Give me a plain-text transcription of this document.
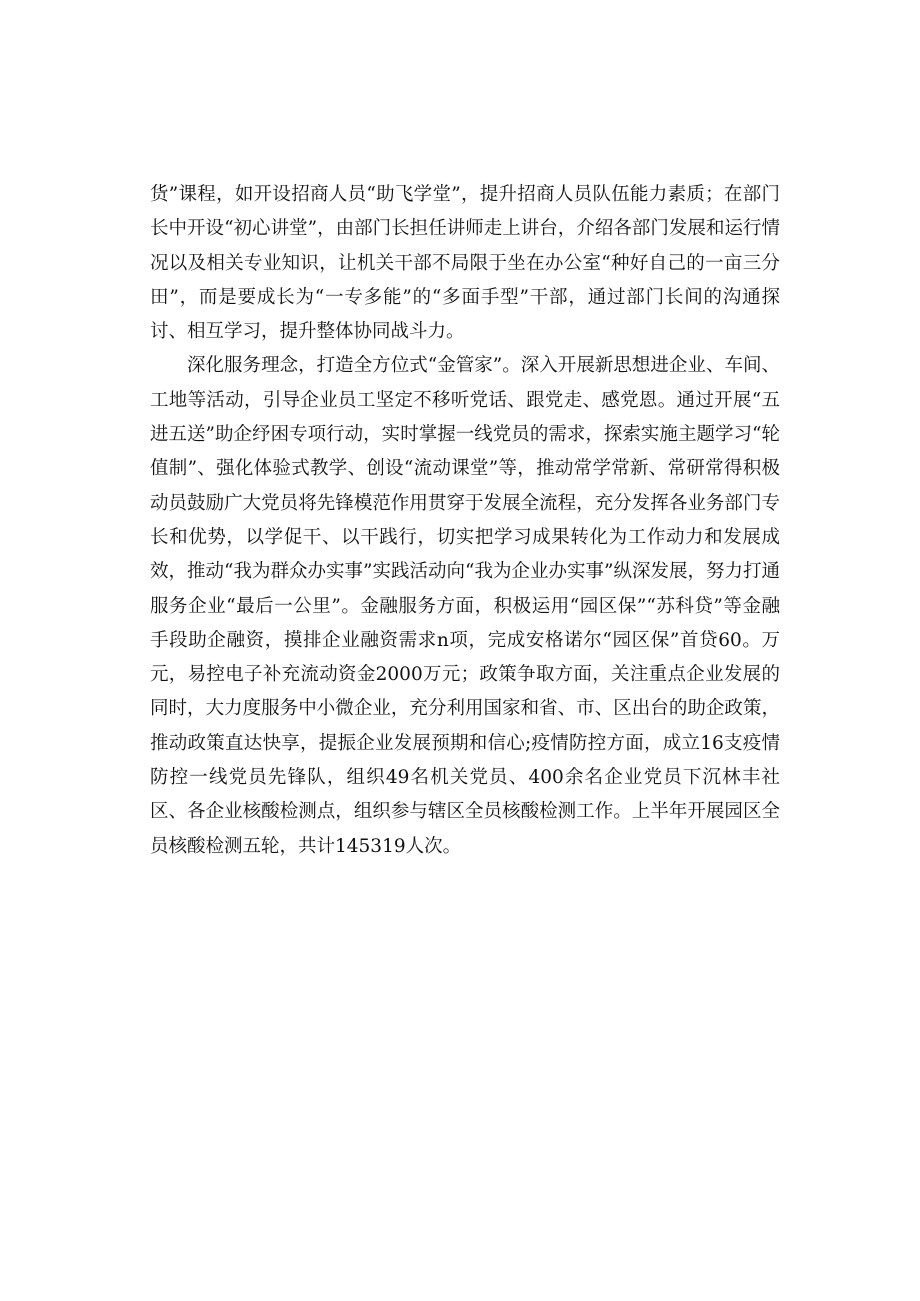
货”课程，如开设招商人员“助飞学堂”，提升招商人员队伍能力素质；在部门长中开设“初心讲堂”，由部门长担任讲师走上讲台，介绍各部门发展和运行情况以及相关专业知识，让机关干部不局限于坐在办公室“种好自己的一亩三分田”，而是要成长为“一专多能”的“多面手型”干部，通过部门长间的沟通探讨、相互学习，提升整体协同战斗力。

深化服务理念，打造全方位式“金管家”。深入开展新思想进企业、车间、工地等活动，引导企业员工坚定不移听党话、跟党走、感党恩。通过开展“五进五送”助企纾困专项行动，实时掌握一线党员的需求，探索实施主题学习“轮值制”、强化体验式教学、创设“流动课堂”等，推动常学常新、常研常得积极动员鼓励广大党员将先锋模范作用贯穿于发展全流程，充分发挥各业务部门专长和优势，以学促干、以干践行，切实把学习成果转化为工作动力和发展成效，推动“我为群众办实事”实践活动向“我为企业办实事”纵深发展，努力打通服务企业“最后一公里”。金融服务方面，积极运用“园区保”“苏科贷”等金融手段助企融资，摸排企业融资需求n项，完成安格诺尔“园区保”首贷60。万元，易控电子补充流动资金2000万元；政策争取方面，关注重点企业发展的同时，大力度服务中小微企业，充分利用国家和省、市、区出台的助企政策，推动政策直达快享，提振企业发展预期和信心;疫情防控方面，成立16支疫情防控一线党员先锋队，组织49名机关党员、400余名企业党员下沉林丰社区、各企业核酸检测点，组织参与辖区全员核酸检测工作。上半年开展园区全员核酸检测五轮，共计145319人次。
